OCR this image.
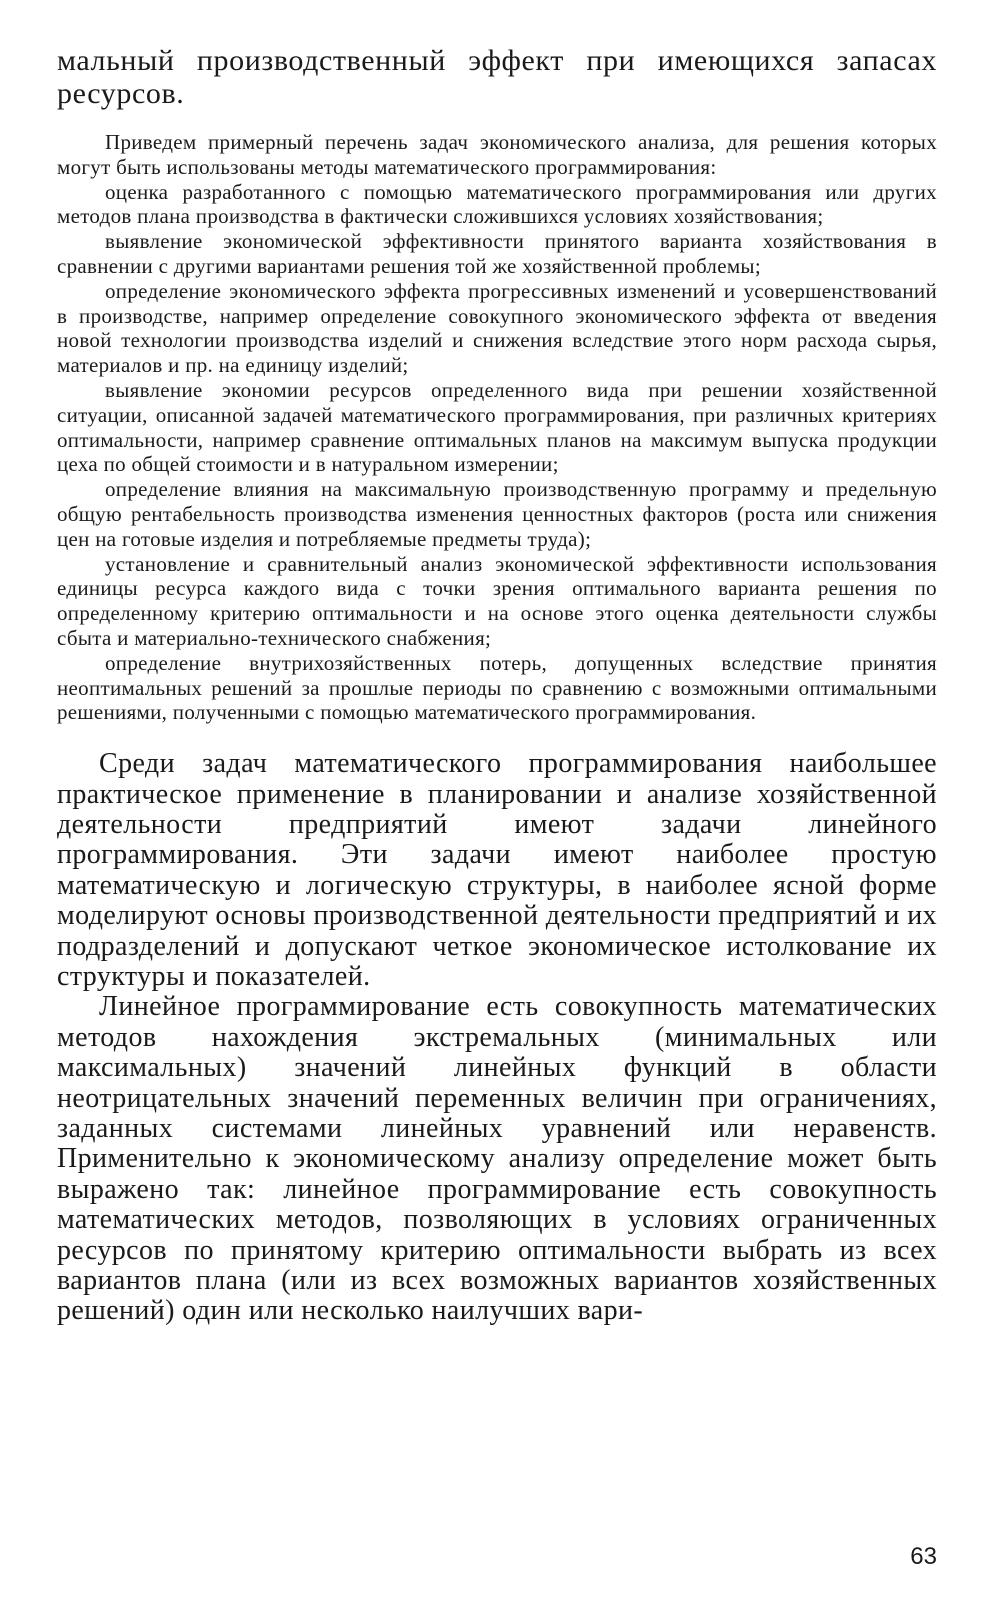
мальный производственный эффект при имеющихся запасах ресурсов.

Приведем примерный перечень задач экономического анализа, для решения которых могут быть использованы методы математического программирования:

оценка разработанного с помощью математического программирования или других методов плана производства в фактически сложившихся условиях хозяйствования;
выявление экономической эффективности принятого варианта хозяйствования в сравнении с другими вариантами решения той же хозяйственной проблемы;
определение экономического эффекта прогрессивных изменений и усовершенствований в производстве, например определение совокупного экономического эффекта от введения новой технологии производства изделий и снижения вследствие этого норм расхода сырья, материалов и пр. на единицу изделий;
выявление экономии ресурсов определенного вида при решении хозяйственной ситуации, описанной задачей математического программирования, при различных критериях оптимальности, например сравнение оптимальных планов на максимум выпуска продукции цеха по общей стоимости и в натуральном измерении;
определение влияния на максимальную производственную программу и предельную общую рентабельность производства изменения ценностных факторов (роста или снижения цен на готовые изделия и потребляемые предметы труда);
установление и сравнительный анализ экономической эффективности использования единицы ресурса каждого вида с точки зрения оптимального варианта решения по определенному критерию оптимальности и на основе этого оценка деятельности службы сбыта и материально-технического снабжения;
определение внутрихозяйственных потерь, допущенных вследствие принятия неоптимальных решений за прошлые периоды по сравнению с возможными оптимальными решениями, полученными с помощью математического программирования.

Среди задач математического программирования наибольшее практическое применение в планировании и анализе хозяйственной деятельности предприятий имеют задачи линейного программирования. Эти задачи имеют наиболее простую математическую и логическую структуры, в наиболее ясной форме моделируют основы производственной деятельности предприятий и их подразделений и допускают четкое экономическое истолкование их структуры и показателей.

Линейное программирование есть совокупность математических методов нахождения экстремальных (минимальных или максимальных) значений линейных функций в области неотрицательных значений переменных величин при ограничениях, заданных системами линейных уравнений или неравенств. Применительно к экономическому анализу определение может быть выражено так: линейное программирование есть совокупность математических методов, позволяющих в условиях ограниченных ресурсов по принятому критерию оптимальности выбрать из всех вариантов плана (или из всех возможных вариантов хозяйственных решений) один или несколько наилучших вари-

63
